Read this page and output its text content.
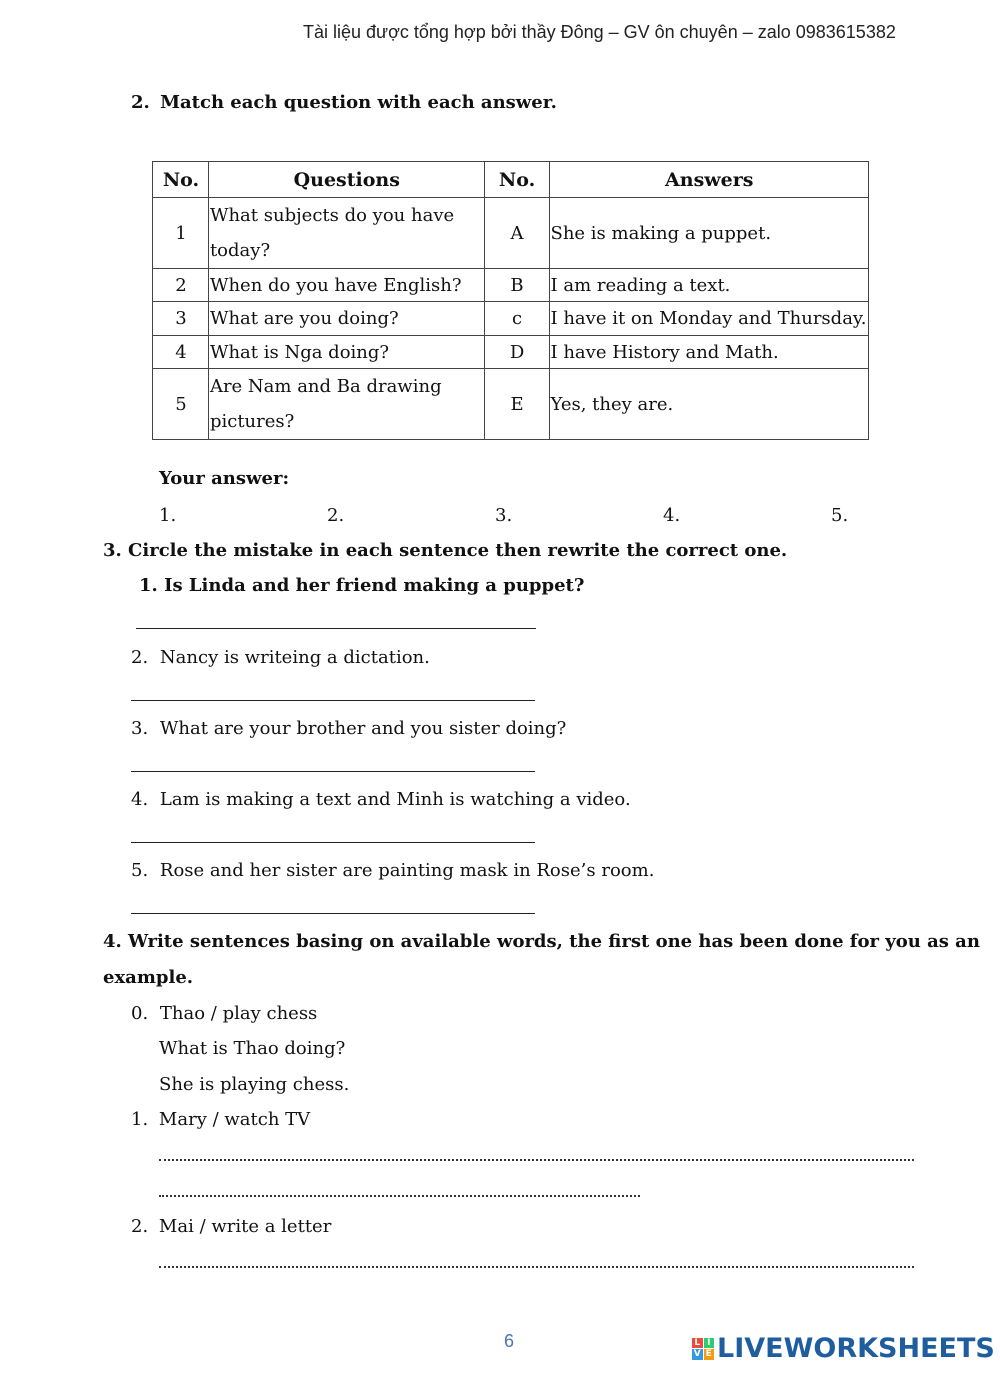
Tài liệu được tổng hợp bởi thầy Đông – GV ôn chuyên – zalo 0983615382
2. Match each question with each answer.
No.	Questions	No.	Answers
1	What subjects do you have today?	A	She is making a puppet.
2	When do you have English?	B	I am reading a text.
3	What are you doing?	c	I have it on Monday and Thursday.
4	What is Nga doing?	D	I have History and Math.
5	Are Nam and Ba drawing pictures?	E	Yes, they are.
Your answer:
1.	2.	3.	4.	5.
3. Circle the mistake in each sentence then rewrite the correct one.
1. Is Linda and her friend making a puppet?
2. Nancy is writeing a dictation.
3. What are your brother and you sister doing?
4. Lam is making a text and Minh is watching a video.
5. Rose and her sister are painting mask in Rose’s room.
4. Write sentences basing on available words, the first one has been done for you as an
example.
0. Thao / play chess
What is Thao doing?
She is playing chess.
1. Mary / watch TV
2. Mai / write a letter
6	L I
V E LIVEWORKSHEETS
